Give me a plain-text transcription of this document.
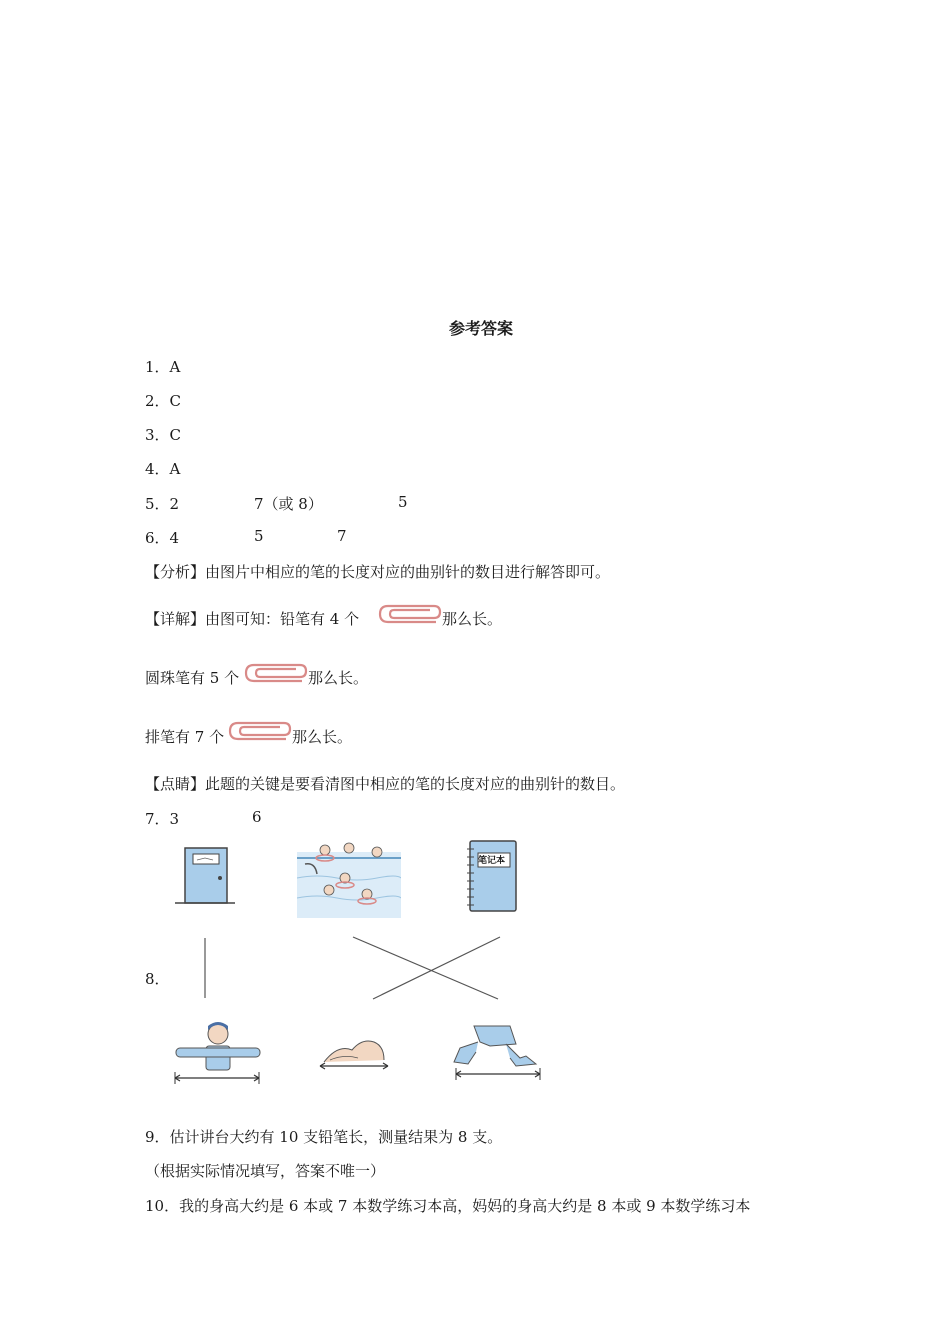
参考答案
1．A
2．C
3．C
4．A
5．2	7（或 8）	5
6．4	5	7
【分析】由图片中相应的笔的长度对应的曲别针的数目进行解答即可。
【详解】由图可知：铅笔有 4 个	那么长。
圆珠笔有 5 个	那么长。
排笔有 7 个	那么长。
【点睛】此题的关键是要看清图中相应的笔的长度对应的曲别针的数目。
7．3	6
笔记本
8．
9．估计讲台大约有 10 支铅笔长，测量结果为 8 支。
（根据实际情况填写，答案不唯一）
10．我的身高大约是 6 本或 7 本数学练习本高，妈妈的身高大约是 8 本或 9 本数学练习本
